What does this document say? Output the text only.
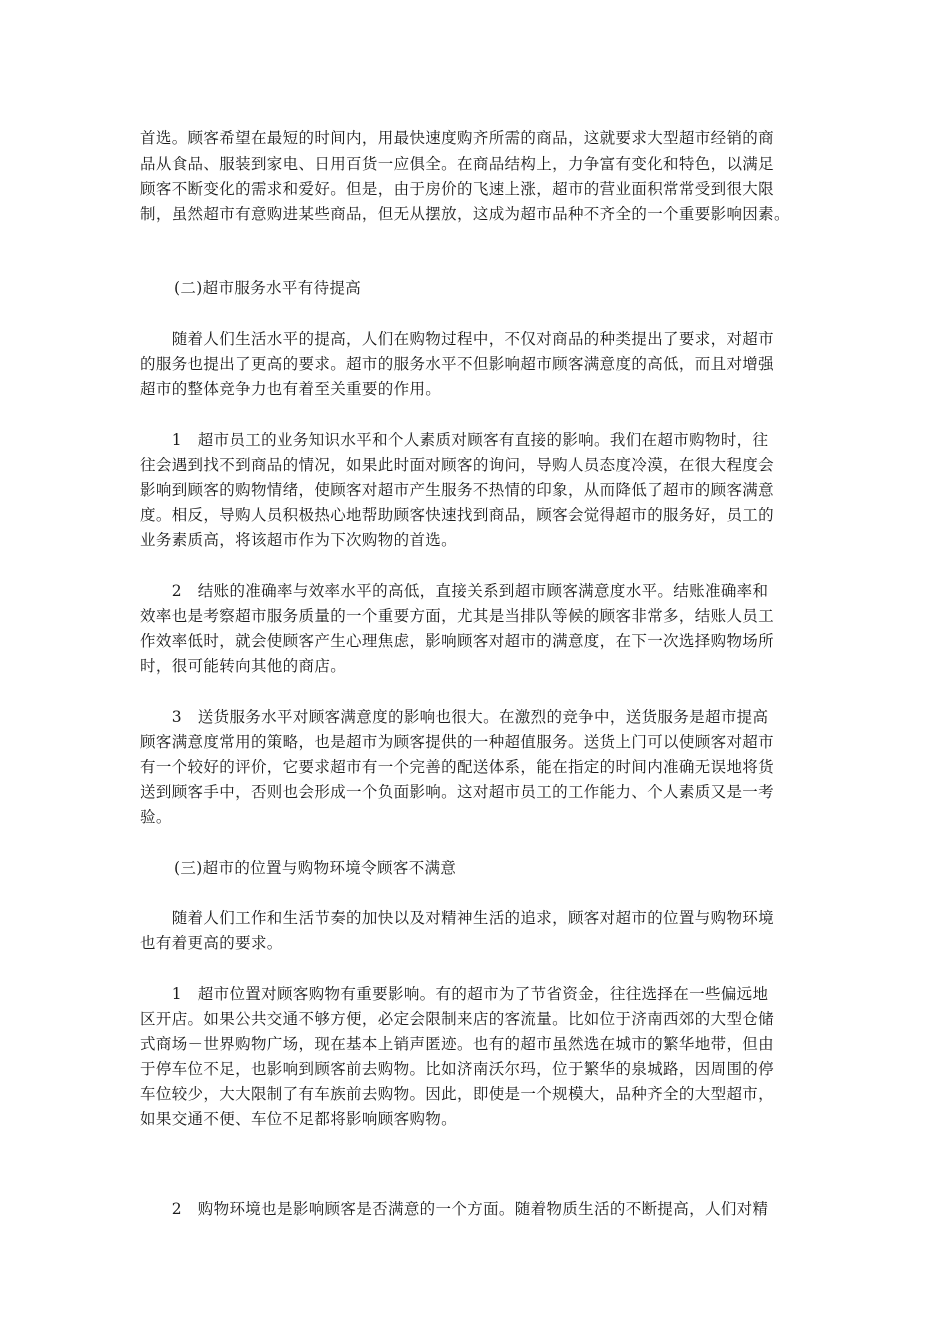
首选。顾客希望在最短的时间内，用最快速度购齐所需的商品，这就要求大型超市经销的商
品从食品、服装到家电、日用百货一应俱全。在商品结构上，力争富有变化和特色，以满足
顾客不断变化的需求和爱好。但是，由于房价的飞速上涨，超市的营业面积常常受到很大限
制，虽然超市有意购进某些商品，但无从摆放，这成为超市品种不齐全的一个重要影响因素。
(二)超市服务水平有待提高
　　随着人们生活水平的提高，人们在购物过程中，不仅对商品的种类提出了要求，对超市
的服务也提出了更高的要求。超市的服务水平不但影响超市顾客满意度的高低，而且对增强
超市的整体竞争力也有着至关重要的作用。
　　1　超市员工的业务知识水平和个人素质对顾客有直接的影响。我们在超市购物时，往
往会遇到找不到商品的情况，如果此时面对顾客的询问，导购人员态度冷漠，在很大程度会
影响到顾客的购物情绪，使顾客对超市产生服务不热情的印象，从而降低了超市的顾客满意
度。相反，导购人员积极热心地帮助顾客快速找到商品，顾客会觉得超市的服务好，员工的
业务素质高，将该超市作为下次购物的首选。
　　2　结账的准确率与效率水平的高低，直接关系到超市顾客满意度水平。结账准确率和
效率也是考察超市服务质量的一个重要方面，尤其是当排队等候的顾客非常多，结账人员工
作效率低时，就会使顾客产生心理焦虑，影响顾客对超市的满意度，在下一次选择购物场所
时，很可能转向其他的商店。
　　3　送货服务水平对顾客满意度的影响也很大。在激烈的竞争中，送货服务是超市提高
顾客满意度常用的策略，也是超市为顾客提供的一种超值服务。送货上门可以使顾客对超市
有一个较好的评价，它要求超市有一个完善的配送体系，能在指定的时间内准确无误地将货
送到顾客手中，否则也会形成一个负面影响。这对超市员工的工作能力、个人素质又是一考
验。
(三)超市的位置与购物环境令顾客不满意
　　随着人们工作和生活节奏的加快以及对精神生活的追求，顾客对超市的位置与购物环境
也有着更高的要求。
　　1　超市位置对顾客购物有重要影响。有的超市为了节省资金，往往选择在一些偏远地
区开店。如果公共交通不够方便，必定会限制来店的客流量。比如位于济南西郊的大型仓储
式商场－世界购物广场，现在基本上销声匿迹。也有的超市虽然选在城市的繁华地带，但由
于停车位不足，也影响到顾客前去购物。比如济南沃尔玛，位于繁华的泉城路，因周围的停
车位较少，大大限制了有车族前去购物。因此，即使是一个规模大，品种齐全的大型超市，
如果交通不便、车位不足都将影响顾客购物。
　　2　购物环境也是影响顾客是否满意的一个方面。随着物质生活的不断提高，人们对精
